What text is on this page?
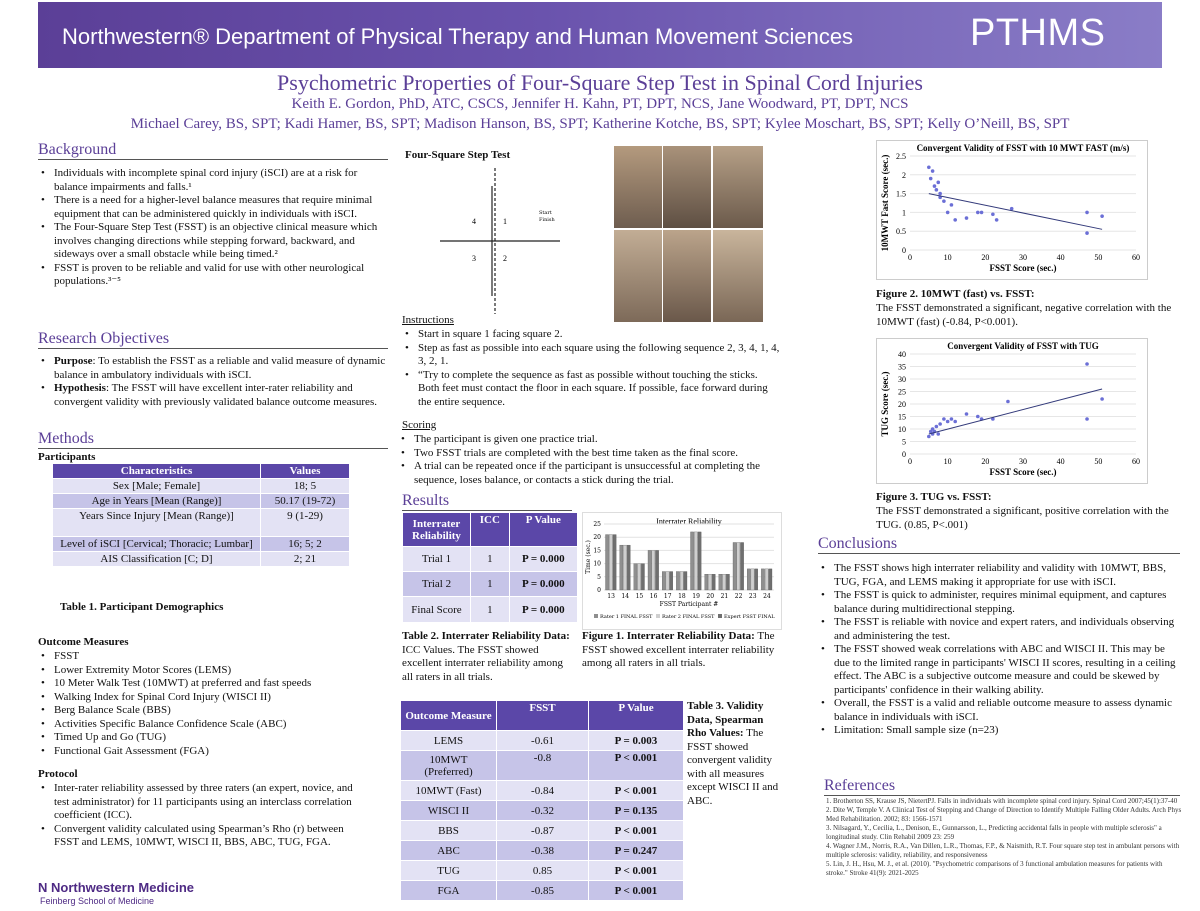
Northwestern® Department of Physical Therapy and Human Movement Sciences	PTHMS
Psychometric Properties of Four-Square Step Test in Spinal Cord Injuries
Keith E. Gordon, PhD, ATC, CSCS, Jennifer H. Kahn, PT, DPT, NCS, Jane Woodward, PT, DPT, NCS
Michael Carey, BS, SPT; Kadi Hamer, BS, SPT; Madison Hanson, BS, SPT; Katherine Kotche, BS, SPT; Kylee Moschart, BS, SPT; Kelly O’Neill, BS, SPT
Background
• Individuals with incomplete spinal cord injury (iSCI) are at a risk for balance impairments and falls.¹
• There is a need for a higher-level balance measures that require minimal equipment that can be administered quickly in individuals with iSCI.
• The Four-Square Step Test (FSST) is an objective clinical measure which involves changing directions while stepping forward, backward, and sideways over a small obstacle while being timed.²
• FSST is proven to be reliable and valid for use with other neurological populations.³⁻⁵
Research Objectives
• Purpose: To establish the FSST as a reliable and valid measure of dynamic balance in ambulatory individuals with iSCI.
• Hypothesis: The FSST will have excellent inter-rater reliability and convergent validity with previously validated balance outcome measures.
Methods
Participants
Characteristics	Values
Sex [Male; Female]	18; 5
Age in Years [Mean (Range)]	50.17 (19-72)
Years Since Injury [Mean (Range)]	9 (1-29)
Level of iSCI [Cervical; Thoracic; Lumbar]	16; 5; 2
AIS Classification [C; D]	2; 21
Table 1. Participant Demographics
Outcome Measures
• FSST
• Lower Extremity Motor Scores (LEMS)
• 10 Meter Walk Test (10MWT) at preferred and fast speeds
• Walking Index for Spinal Cord Injury (WISCI II)
• Berg Balance Scale (BBS)
• Activities Specific Balance Confidence Scale (ABC)
• Timed Up and Go (TUG)
• Functional Gait Assessment (FGA)
Protocol
• Inter-rater reliability assessed by three raters (an expert, novice, and test administrator) for 11 participants using an interclass correlation coefficient (ICC).
• Convergent validity calculated using Spearman’s Rho (r) between FSST and LEMS, 10MWT, WISCI II, BBS, ABC, TUG, FGA.
Ν Northwestern Medicine
Feinberg School of Medicine
Four-Square Step Test
4	1
3	2
Start
Finish
Instructions
• Start in square 1 facing square 2.
• Step as fast as possible into each square using the following sequence 2, 3, 4, 1, 4, 3, 2, 1.
• “Try to complete the sequence as fast as possible without touching the sticks. Both feet must contact the floor in each square. If possible, face forward during the entire sequence.
Scoring
• The participant is given one practice trial.
• Two FSST trials are completed with the best time taken as the final score.
• A trial can be repeated once if the participant is unsuccessful at completing the sequence, loses balance, or contacts a stick during the trial.
Results
Interrater Reliability	ICC	P Value
Trial 1	1	P = 0.000
Trial 2	1	P = 0.000
Final Score	1	P = 0.000
Table 2. Interrater Reliability Data: ICC Values. The FSST showed excellent interrater reliability among all raters in all trials.
Interrater Reliability
0
5
10
15
20
25
13 14 15 16 17 18 19 20 21 22 23 24
FSST Participant #
Time (sec.)
Rater 1 FINAL FSST Rater 2 FINAL FSST Expert FSST FINAL
Figure 1. Interrater Reliability Data: The FSST showed excellent interrater reliability among all raters in all trials.
Outcome Measure	FSST	P Value
LEMS	-0.61	P = 0.003
10MWT (Preferred)	-0.8	P < 0.001
10MWT (Fast)	-0.84	P < 0.001
WISCI II	-0.32	P = 0.135
BBS	-0.87	P < 0.001
ABC	-0.38	P = 0.247
TUG	0.85	P < 0.001
FGA	-0.85	P < 0.001
Table 3. Validity Data, Spearman Rho Values: The FSST showed convergent validity with all measures except WISCI II and ABC.
Convergent Validity of FSST with 10 MWT FAST (m/s)
0
0.5
1
1.5
2
2.5
0	10	20	30	40	50	60
FSST Score (sec.)
10MWT Fast Score (sec.)
Figure 2. 10MWT (fast) vs. FSST:
The FSST demonstrated a significant, negative correlation with the 10MWT (fast) (-0.84, P<0.001).
Convergent Validity of FSST with TUG
0
5
10
15
20
25
30
35
40
0	10	20	30	40	50	60
FSST Score (sec.)
TUG Score (sec.)
Figure 3. TUG vs. FSST:
The FSST demonstrated a significant, positive correlation with the TUG. (0.85, P<.001)
Conclusions
• The FSST shows high interrater reliability and validity with 10MWT, BBS, TUG, FGA, and LEMS making it appropriate for use with iSCI.
• The FSST is quick to administer, requires minimal equipment, and captures balance during multidirectional stepping.
• The FSST is reliable with novice and expert raters, and individuals observing and administering the test.
• The FSST showed weak correlations with ABC and WISCI II. This may be due to the limited range in participants' WISCI II scores, resulting in a ceiling effect. The ABC is a subjective outcome measure and could be skewed by participants' confidence in their walking ability.
• Overall, the FSST is a valid and reliable outcome measure to assess dynamic balance in individuals with iSCI.
• Limitation: Small sample size (n=23)
References
1. Brotherton SS, Krause JS, NietertPJ. Falls in individuals with incomplete spinal cord injury. Spinal Cord 2007;45(1):37-40
2. Dite W, Temple V. A Clinical Test of Stepping and Change of Direction to Identify Multiple Falling Older Adults. Arch Phys Med Rehabilitation. 2002; 83: 1566-1571
3. Nilsagard, Y., Cecilia, L., Denison, E., Gunnarsson, L., Predicting accidental falls in people with multiple sclerosis" a longitudinal study. Clin Rehabil 2009 23: 259
4. Wagner J.M., Norris, R.A., Van Dillen, L.R., Thomas, F.P., & Naismith, R.T. Four square step test in ambulant persons with multiple sclerosis: validity, reliability, and responsiveness
5. Lin, J. H., Hsu, M. J., et al. (2010). "Psychometric comparisons of 3 functional ambulation measures for patients with stroke." Stroke 41(9): 2021-2025
